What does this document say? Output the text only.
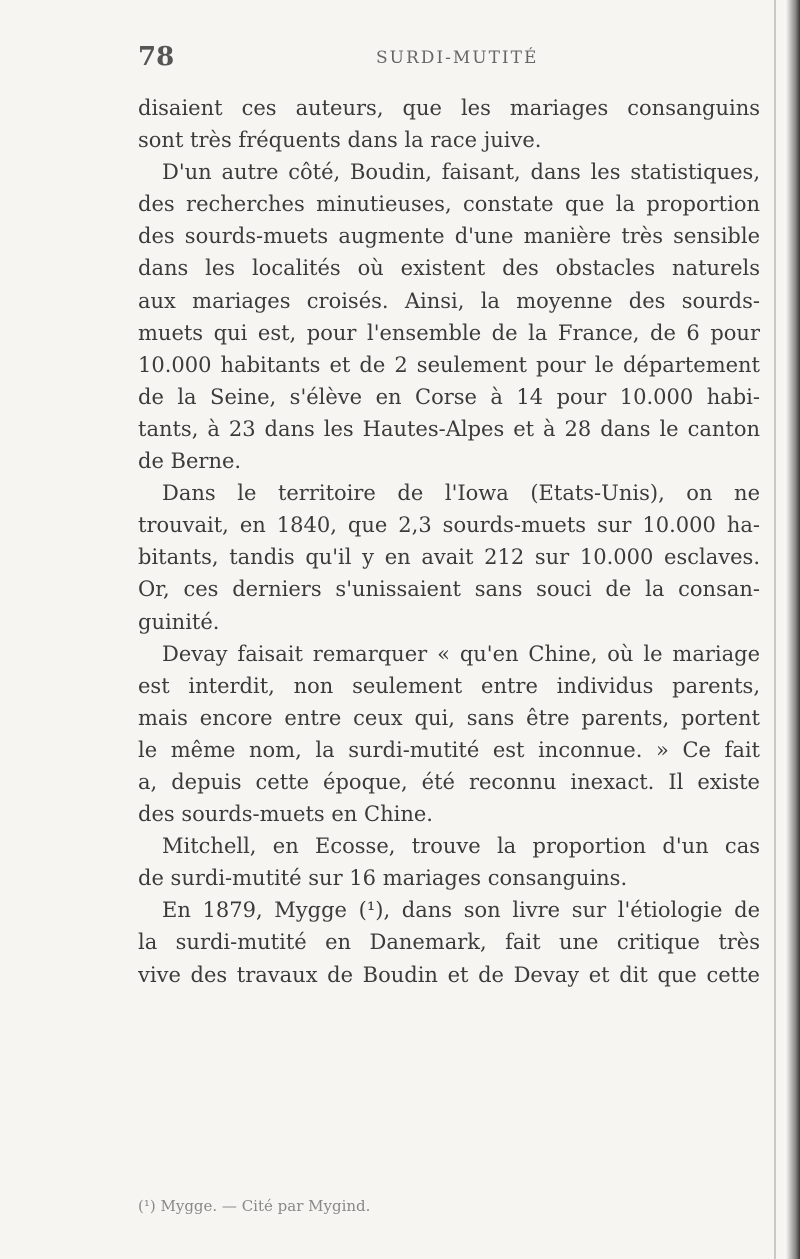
78	SURDI-MUTITÉ
disaient ces auteurs, que les mariages consanguins
sont très fréquents dans la race juive.
D'un autre côté, Boudin, faisant, dans les statistiques,
des recherches minutieuses, constate que la proportion
des sourds-muets augmente d'une manière très sensible
dans les localités où existent des obstacles naturels
aux mariages croisés. Ainsi, la moyenne des sourds-
muets qui est, pour l'ensemble de la France, de 6 pour
10.000 habitants et de 2 seulement pour le département
de la Seine, s'élève en Corse à 14 pour 10.000 habi-
tants, à 23 dans les Hautes-Alpes et à 28 dans le canton
de Berne.
Dans le territoire de l'Iowa (Etats-Unis), on ne
trouvait, en 1840, que 2,3 sourds-muets sur 10.000 ha-
bitants, tandis qu'il y en avait 212 sur 10.000 esclaves.
Or, ces derniers s'unissaient sans souci de la consan-
guinité.
Devay faisait remarquer « qu'en Chine, où le mariage
est interdit, non seulement entre individus parents,
mais encore entre ceux qui, sans être parents, portent
le même nom, la surdi-mutité est inconnue. » Ce fait
a, depuis cette époque, été reconnu inexact. Il existe
des sourds-muets en Chine.
Mitchell, en Ecosse, trouve la proportion d'un cas
de surdi-mutité sur 16 mariages consanguins.
En 1879, Mygge (¹), dans son livre sur l'étiologie de
la surdi-mutité en Danemark, fait une critique très
vive des travaux de Boudin et de Devay et dit que cette
(¹) Mygge. — Cité par Mygind.
